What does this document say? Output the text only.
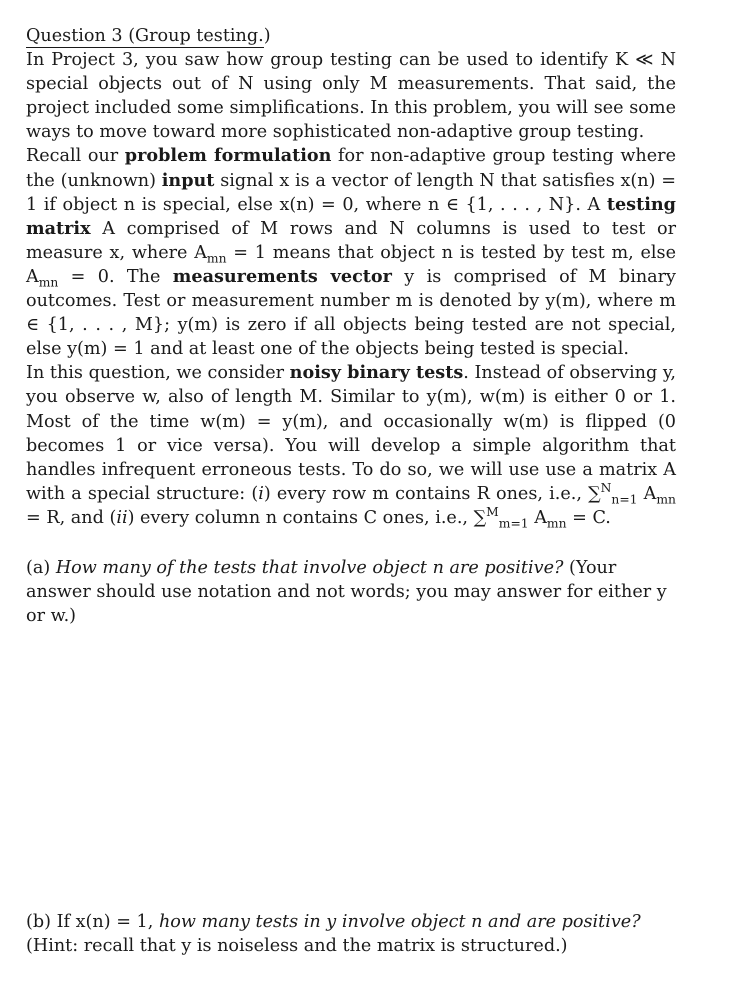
Question 3 (Group testing.)

In Project 3, you saw how group testing can be used to identify K ≪ N special objects out of N using only M measurements. That said, the project included some simplifications. In this problem, you will see some ways to move toward more sophisticated non-adaptive group testing.

Recall our problem formulation for non-adaptive group testing where the (unknown) input signal x is a vector of length N that satisfies x(n) = 1 if object n is special, else x(n) = 0, where n ∈ {1, . . . , N}. A testing matrix A comprised of M rows and N columns is used to test or measure x, where $A_{mn} = 1$ means that object n is tested by test m, else $A_{mn} = 0$. The measurements vector y is comprised of M binary outcomes. Test or measurement number m is denoted by y(m), where m ∈ {1, . . . , M}; y(m) is zero if all objects being tested are not special, else y(m) = 1 and at least one of the objects being tested is special.

In this question, we consider noisy binary tests. Instead of observing y, you observe w, also of length M. Similar to y(m), w(m) is either 0 or 1. Most of the time w(m) = y(m), and occasionally w(m) is flipped (0 becomes 1 or vice versa). You will develop a simple algorithm that handles infrequent erroneous tests. To do so, we will use use a matrix A with a special structure: (i) every row m contains R ones, i.e., ∑$^N_{n=1}$ $A_{mn} = R$, and (ii) every column n contains C ones, i.e., ∑$^M_{m=1}$ $A_{mn} = C$.

(a) How many of the tests that involve object n are positive? (Your answer should use notation and not words; you may answer for either y or w.)

(b) If x(n) = 1, how many tests in y involve object n and are positive? (Hint: recall that y is noiseless and the matrix is structured.)
